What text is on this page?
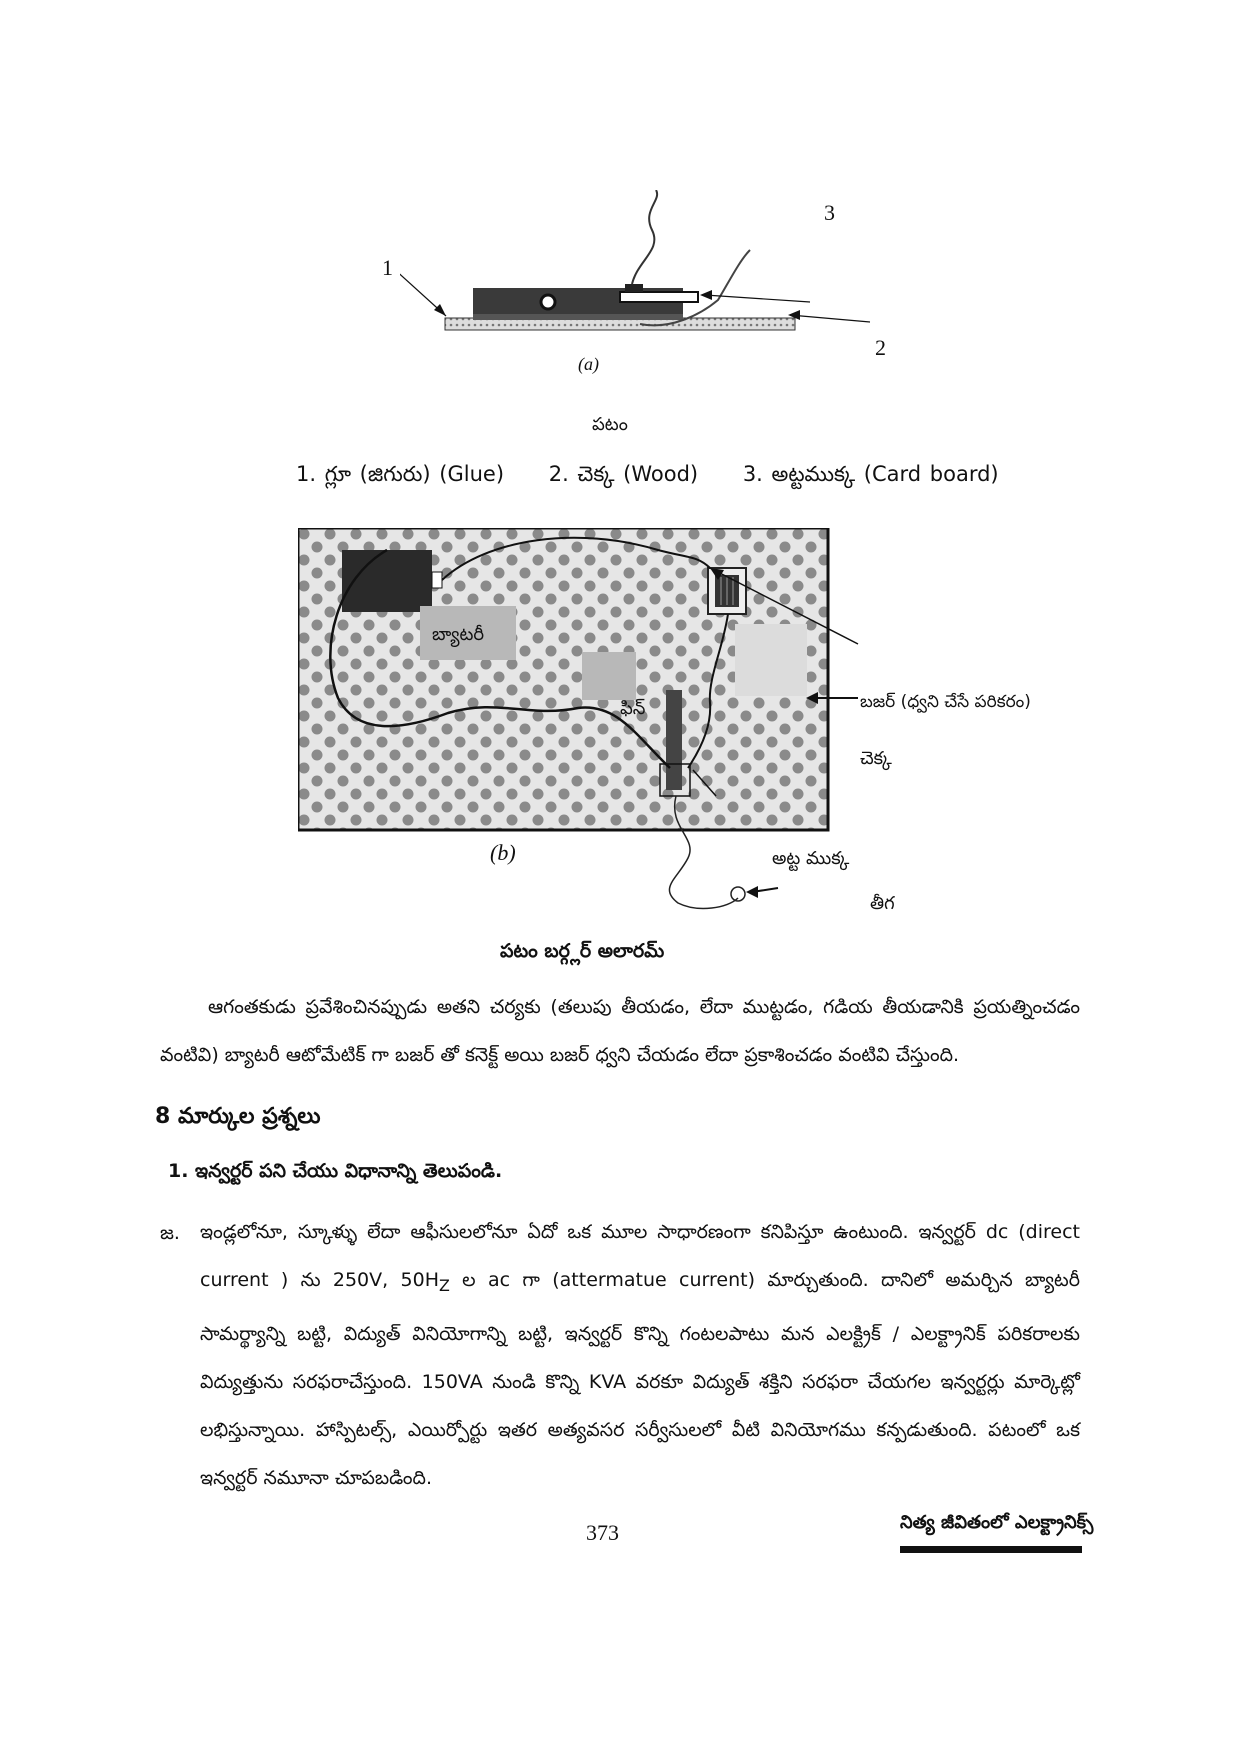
1
3
2
(a)
పటం
1. గ్లూ (జిగురు) (Glue) 2. చెక్క (Wood) 3. అట్టముక్క (Card board)
బ్యాటరీ
ఫిన్	బజర్ (ధ్వని చేసే పరికరం)
చెక్క
(b)	అట్ట ముక్క
తీగ
పటం బర్గ్లర్ అలారమ్
ఆగంతకుడు ప్రవేశించినప్పుడు అతని చర్యకు (తలుపు తీయడం, లేదా ముట్టడం, గడియ తీయడానికి ప్రయత్నించడం వంటివి) బ్యాటరీ ఆటోమేటిక్ గా బజర్ తో కనెక్ట్ అయి బజర్ ధ్వని చేయడం లేదా ప్రకాశించడం వంటివి చేస్తుంది.
8 మార్కుల ప్రశ్నలు
1. ఇన్వర్టర్ పని చేయు విధానాన్ని తెలుపండి.
జ. ఇండ్లలోనూ, స్కూళ్ళు లేదా ఆఫీసులలోనూ ఏదో ఒక మూల సాధారణంగా కనిపిస్తూ ఉంటుంది. ఇన్వర్టర్ dc (direct current ) ను 250V, $50H_Z$ ల ac గా (attermatue current) మార్చుతుంది. దానిలో అమర్చిన బ్యాటరీ సామర్థ్యాన్ని బట్టి, విద్యుత్ వినియోగాన్ని బట్టి, ఇన్వర్టర్ కొన్ని గంటలపాటు మన ఎలక్ట్రిక్ / ఎలక్ట్రానిక్ పరికరాలకు విద్యుత్తును సరఫరాచేస్తుంది. 150VA నుండి కొన్ని KVA వరకూ విద్యుత్ శక్తిని సరఫరా చేయగల ఇన్వర్టర్లు మార్కెట్లో లభిస్తున్నాయి. హాస్పిటల్స్, ఎయిర్పోర్టు ఇతర అత్యవసర సర్వీసులలో వీటి వినియోగము కన్పడుతుంది. పటంలో ఒక ఇన్వర్టర్ నమూనా చూపబడింది.
373	నిత్య జీవితంలో ఎలక్ట్రానిక్స్
